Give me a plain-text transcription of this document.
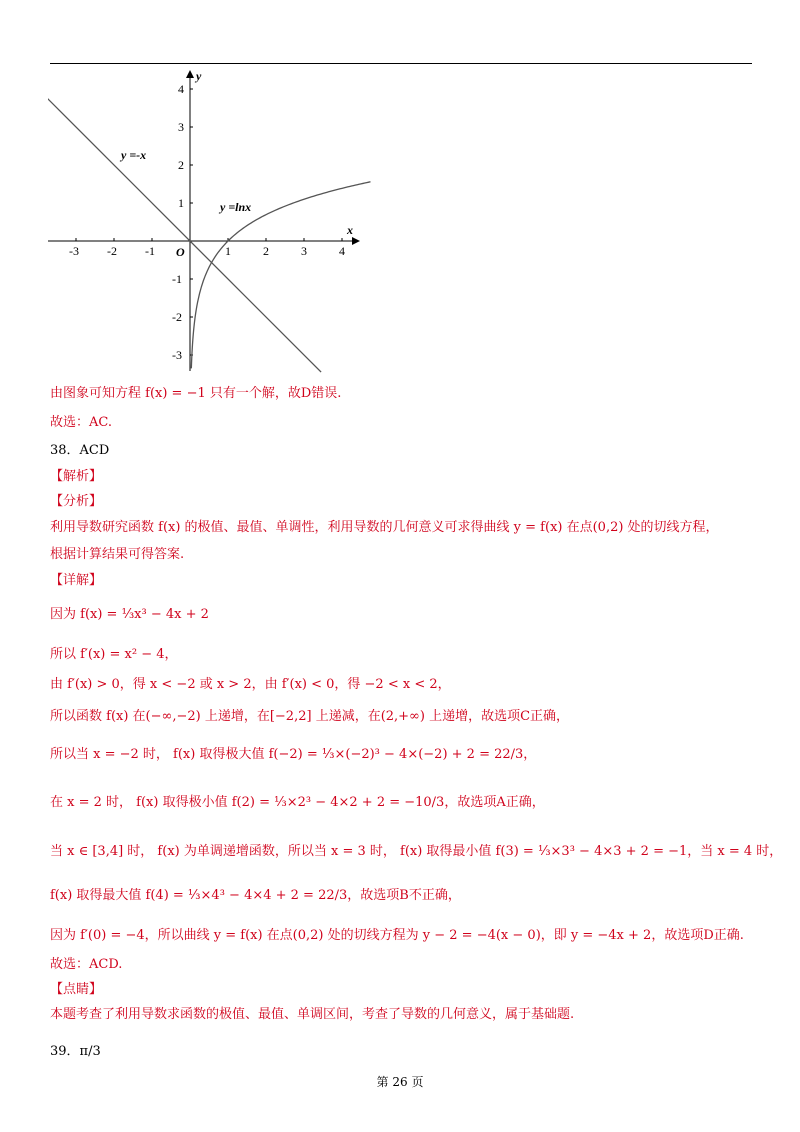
-3 -2 -1	1	2	3	4
4
3
2
1
-1
-2
-3
x
y
O
y =-x
y =lnx
由图象可知方程 f(x) = −1 只有一个解，故D错误.
故选：AC.
38．ACD
【解析】
【分析】
利用导数研究函数 f(x) 的极值、最值、单调性，利用导数的几何意义可求得曲线 y = f(x) 在点(0,2) 处的切线方程，
根据计算结果可得答案.
【详解】
因为 f(x) = ⅓x³ − 4x + 2
所以 f′(x) = x² − 4，
由 f′(x) > 0，得 x < −2 或 x > 2，由 f′(x) < 0，得 −2 < x < 2，
所以函数 f(x) 在(−∞,−2) 上递增，在[−2,2] 上递减，在(2,+∞) 上递增，故选项C正确，
所以当 x = −2 时， f(x) 取得极大值 f(−2) = ⅓×(−2)³ − 4×(−2) + 2 = 22/3，
在 x = 2 时， f(x) 取得极小值 f(2) = ⅓×2³ − 4×2 + 2 = −10/3，故选项A正确，
当 x ∈ [3,4] 时， f(x) 为单调递增函数，所以当 x = 3 时， f(x) 取得最小值 f(3) = ⅓×3³ − 4×3 + 2 = −1，当 x = 4 时，
f(x) 取得最大值 f(4) = ⅓×4³ − 4×4 + 2 = 22/3，故选项B不正确，
因为 f′(0) = −4，所以曲线 y = f(x) 在点(0,2) 处的切线方程为 y − 2 = −4(x − 0)，即 y = −4x + 2，故选项D正确.
故选：ACD.
【点睛】
本题考查了利用导数求函数的极值、最值、单调区间，考查了导数的几何意义，属于基础题.
39．π/3
第 26 页
